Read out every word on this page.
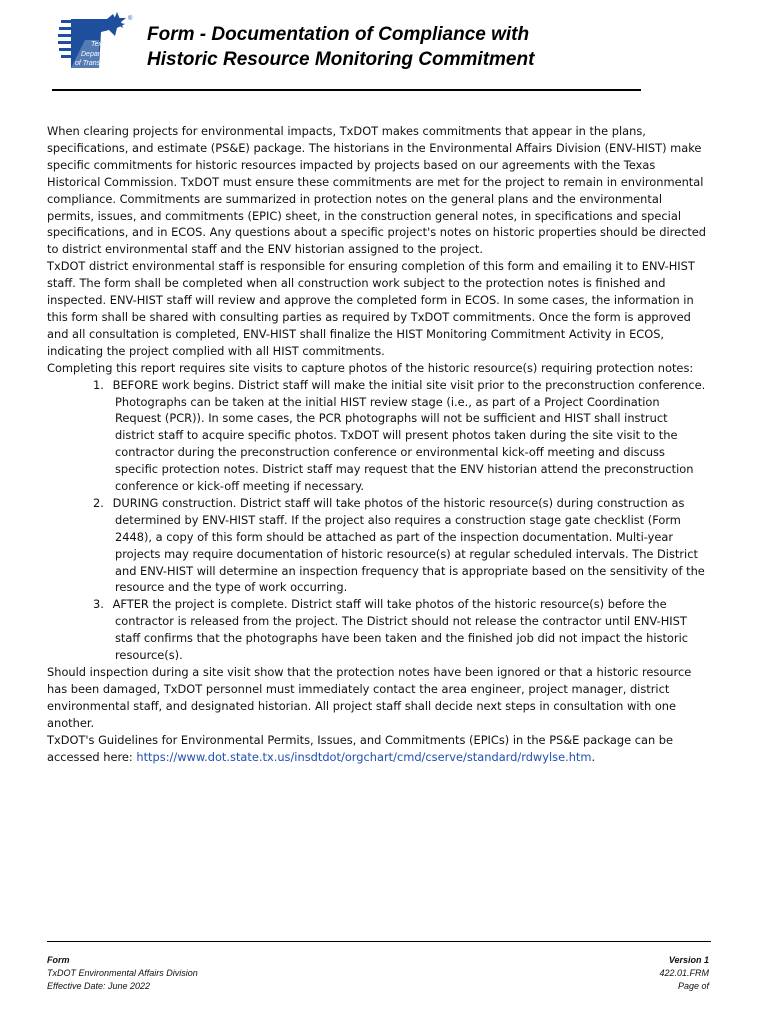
Texas
Department
of Transportation
®
Form - Documentation of Compliance with
Historic Resource Monitoring Commitment

When clearing projects for environmental impacts, TxDOT makes commitments that appear in the plans, specifications, and estimate (PS&E) package. The historians in the Environmental Affairs Division (ENV-HIST) make specific commitments for historic resources impacted by projects based on our agreements with the Texas Historical Commission. TxDOT must ensure these commitments are met for the project to remain in environmental compliance. Commitments are summarized in protection notes on the general plans and the environmental permits, issues, and commitments (EPIC) sheet, in the construction general notes, in specifications and special specifications, and in ECOS. Any questions about a specific project's notes on historic properties should be directed to district environmental staff and the ENV historian assigned to the project.

TxDOT district environmental staff is responsible for ensuring completion of this form and emailing it to ENV-HIST staff. The form shall be completed when all construction work subject to the protection notes is finished and inspected. ENV-HIST staff will review and approve the completed form in ECOS. In some cases, the information in this form shall be shared with consulting parties as required by TxDOT commitments. Once the form is approved and all consultation is completed, ENV-HIST shall finalize the HIST Monitoring Commitment Activity in ECOS, indicating the project complied with all HIST commitments.

Completing this report requires site visits to capture photos of the historic resource(s) requiring protection notes:

1. BEFORE work begins. District staff will make the initial site visit prior to the preconstruction conference. Photographs can be taken at the initial HIST review stage (i.e., as part of a Project Coordination Request (PCR)). In some cases, the PCR photographs will not be sufficient and HIST shall instruct district staff to acquire specific photos. TxDOT will present photos taken during the site visit to the contractor during the preconstruction conference or environmental kick-off meeting and discuss specific protection notes. District staff may request that the ENV historian attend the preconstruction conference or kick-off meeting if necessary.
2. DURING construction. District staff will take photos of the historic resource(s) during construction as determined by ENV-HIST staff. If the project also requires a construction stage gate checklist (Form 2448), a copy of this form should be attached as part of the inspection documentation. Multi-year projects may require documentation of historic resource(s) at regular scheduled intervals. The District and ENV-HIST will determine an inspection frequency that is appropriate based on the sensitivity of the resource and the type of work occurring.
3. AFTER the project is complete. District staff will take photos of the historic resource(s) before the contractor is released from the project. The District should not release the contractor until ENV-HIST staff confirms that the photographs have been taken and the finished job did not impact the historic resource(s).

Should inspection during a site visit show that the protection notes have been ignored or that a historic resource has been damaged, TxDOT personnel must immediately contact the area engineer, project manager, district environmental staff, and designated historian. All project staff shall decide next steps in consultation with one another.

TxDOT's Guidelines for Environmental Permits, Issues, and Commitments (EPICs) in the PS&E package can be accessed here: https://www.dot.state.tx.us/insdtdot/orgchart/cmd/cserve/standard/rdwylse.htm.

Form
TxDOT Environmental Affairs Division
Effective Date: June 2022
Version 1
422.01.FRM
Page of
